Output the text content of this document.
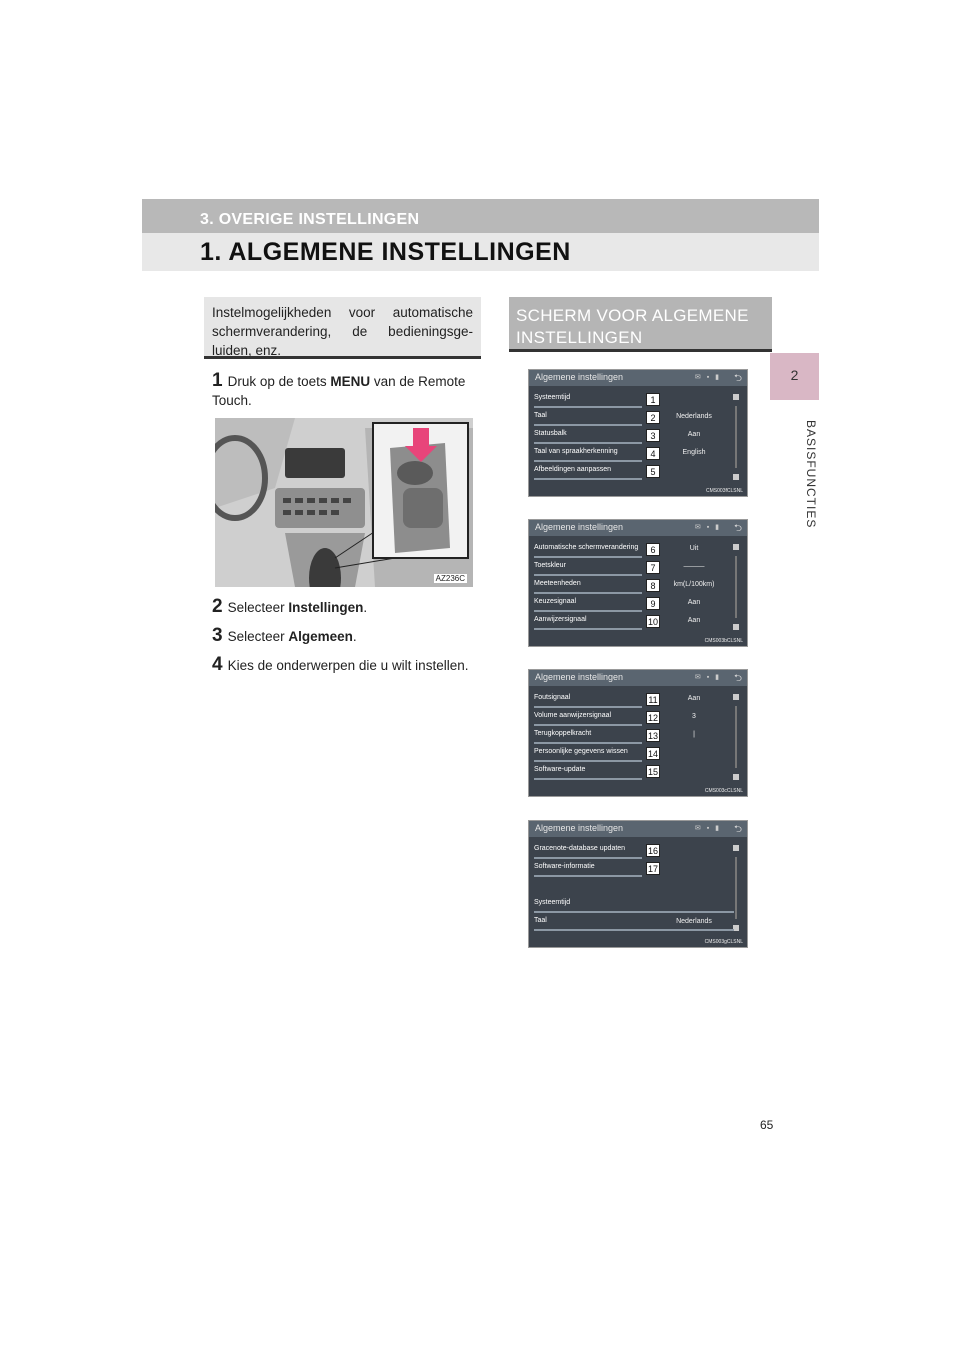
3. OVERIGE INSTELLINGEN
1. ALGEMENE INSTELLINGEN
2
BASISFUNCTIES
Instelmogelijkheden voor automatische schermverandering, de bedieningsge-luiden, enz.
1 Druk op de toets MENU van de Remote Touch.
AZ236C
2 Selecteer Instellingen.
3 Selecteer Algemeen.
4 Kies de onderwerpen die u wilt instellen.
SCHERM VOOR ALGEMENE INSTELLINGEN
Algemene instellingen	✉ ▪ ▮ ⮌
Systeemtijd	1
Taal	2	Nederlands
Statusbalk	3	Aan
Taal van spraakherkenning	4	English
Afbeeldingen aanpassen	5
CMS003fCLSNL
Algemene instellingen	✉ ▪ ▮ ⮌
Automatische schermverandering	6	Uit
Toetskleur	7	———
Meeteenheden	8	km(L/100km)
Keuzesignaal	9	Aan
Aanwijzersignaal	10	Aan
CMS003bCLSNL
Algemene instellingen	✉ ▪ ▮ ⮌
Foutsignaal	11	Aan
Volume aanwijzersignaal	12	3
Terugkoppelkracht	13	|
Persoonlijke gegevens wissen 14
Software-update	15
CMS003cCLSNL
Algemene instellingen	✉ ▪ ▮ ⮌
Gracenote-database updaten	16
Software-informatie	17
Systeemtijd
Taal	Nederlands
CMS003gCLSNL
65
